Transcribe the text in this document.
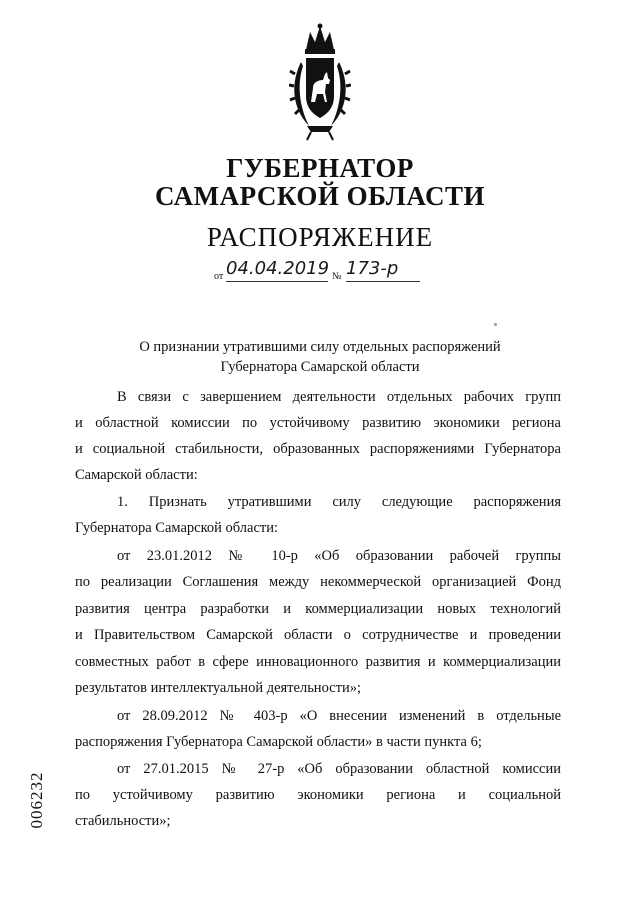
ГУБЕРНАТОР
САМАРСКОЙ ОБЛАСТИ
РАСПОРЯЖЕНИЕ
от 04.04.2019 № 173-р
О признании утратившими силу отдельных распоряжений
Губернатора Самарской области
В связи с завершением деятельности отдельных рабочих групп
и областной комиссии по устойчивому развитию экономики региона
и социальной стабильности, образованных распоряжениями Губернатора
Самарской области:
1. Признать утратившими силу следующие распоряжения
Губернатора Самарской области:
от 23.01.2012 № 10-р «Об образовании рабочей группы
по реализации Соглашения между некоммерческой организацией Фонд
развития центра разработки и коммерциализации новых технологий
и Правительством Самарской области о сотрудничестве и проведении
совместных работ в сфере инновационного развития и коммерциализации
результатов интеллектуальной деятельности»;
от 28.09.2012 № 403-р «О внесении изменений в отдельные
распоряжения Губернатора Самарской области» в части пункта 6;
от 27.01.2015 № 27-р «Об образовании областной комиссии
по устойчивому развитию экономики региона и социальной
стабильности»;
006232
